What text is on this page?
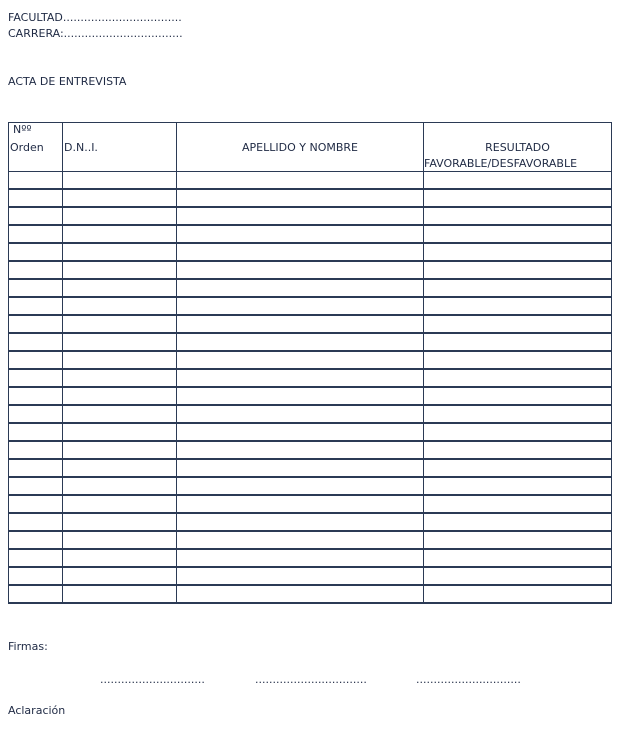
FACULTAD..................................
CARRERA:..................................
ACTA DE ENTREVISTA
Nºº
Orden	D.N..I.	APELLIDO Y NOMBRE	RESULTADO
FAVORABLE/DESFAVORABLE

Firmas:
..............................	................................	..............................
Aclaración
